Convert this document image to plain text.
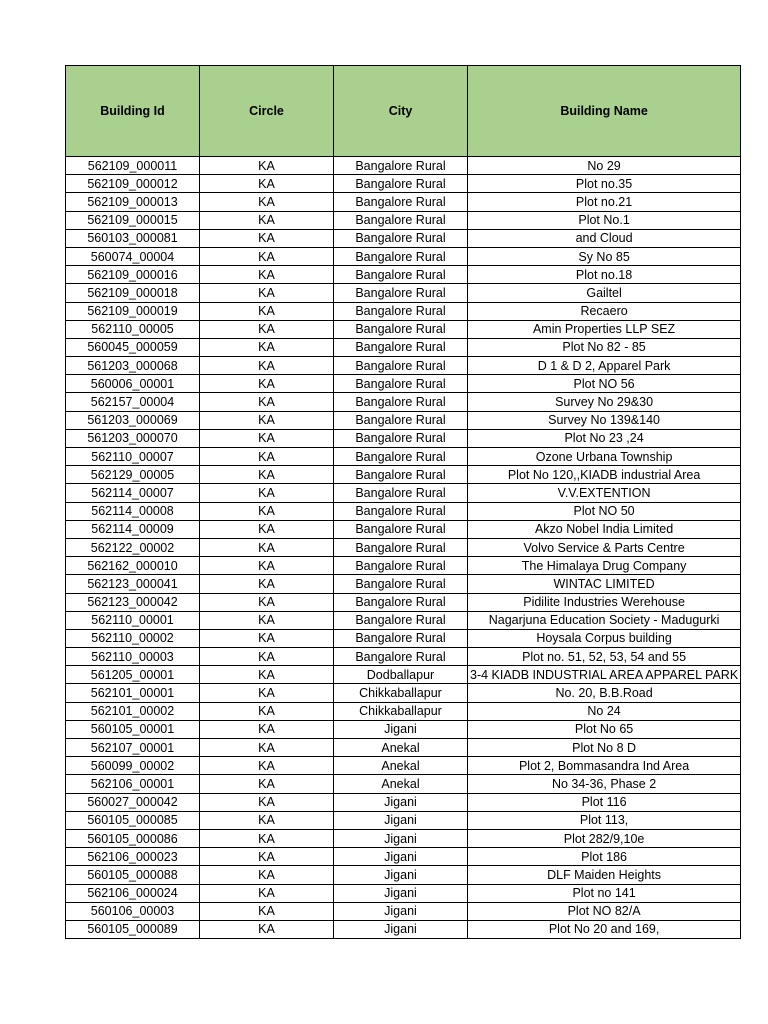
Building Id	Circle	City	Building Name
562109_000011	KA	Bangalore Rural	No 29
562109_000012	KA	Bangalore Rural	Plot no.35
562109_000013	KA	Bangalore Rural	Plot no.21
562109_000015	KA	Bangalore Rural	Plot No.1
560103_000081	KA	Bangalore Rural	and Cloud
560074_00004	KA	Bangalore Rural	Sy No 85
562109_000016	KA	Bangalore Rural	Plot no.18
562109_000018	KA	Bangalore Rural	Gailtel
562109_000019	KA	Bangalore Rural	Recaero
562110_00005	KA	Bangalore Rural	Amin Properties LLP SEZ
560045_000059	KA	Bangalore Rural	Plot No 82 - 85
561203_000068	KA	Bangalore Rural	D 1 & D 2, Apparel Park
560006_00001	KA	Bangalore Rural	Plot NO 56
562157_00004	KA	Bangalore Rural	Survey No 29&30
561203_000069	KA	Bangalore Rural	Survey No 139&140
561203_000070	KA	Bangalore Rural	Plot No 23 ,24
562110_00007	KA	Bangalore Rural	Ozone Urbana Township
562129_00005	KA	Bangalore Rural	Plot No 120,,KIADB industrial Area
562114_00007	KA	Bangalore Rural	V.V.EXTENTION
562114_00008	KA	Bangalore Rural	Plot NO 50
562114_00009	KA	Bangalore Rural	Akzo Nobel India Limited
562122_00002	KA	Bangalore Rural	Volvo Service & Parts Centre
562162_000010	KA	Bangalore Rural	The Himalaya Drug Company
562123_000041	KA	Bangalore Rural	WINTAC LIMITED
562123_000042	KA	Bangalore Rural	Pidilite Industries Werehouse
562110_00001	KA	Bangalore Rural	Nagarjuna Education Society - Madugurki
562110_00002	KA	Bangalore Rural	Hoysala Corpus building
562110_00003	KA	Bangalore Rural	Plot no. 51, 52, 53, 54 and 55
561205_00001	KA	Dodballapur	3-4 KIADB INDUSTRIAL AREA APPAREL PARK
562101_00001	KA	Chikkaballapur	No. 20, B.B.Road
562101_00002	KA	Chikkaballapur	No 24
560105_00001	KA	Jigani	Plot No 65
562107_00001	KA	Anekal	Plot No 8 D
560099_00002	KA	Anekal	Plot 2, Bommasandra Ind Area
562106_00001	KA	Anekal	No 34-36, Phase 2
560027_000042	KA	Jigani	Plot 116
560105_000085	KA	Jigani	Plot 113,
560105_000086	KA	Jigani	Plot 282/9,10e
562106_000023	KA	Jigani	Plot 186
560105_000088	KA	Jigani	DLF Maiden Heights
562106_000024	KA	Jigani	Plot no 141
560106_00003	KA	Jigani	Plot NO 82/A
560105_000089	KA	Jigani	Plot No 20 and 169,
